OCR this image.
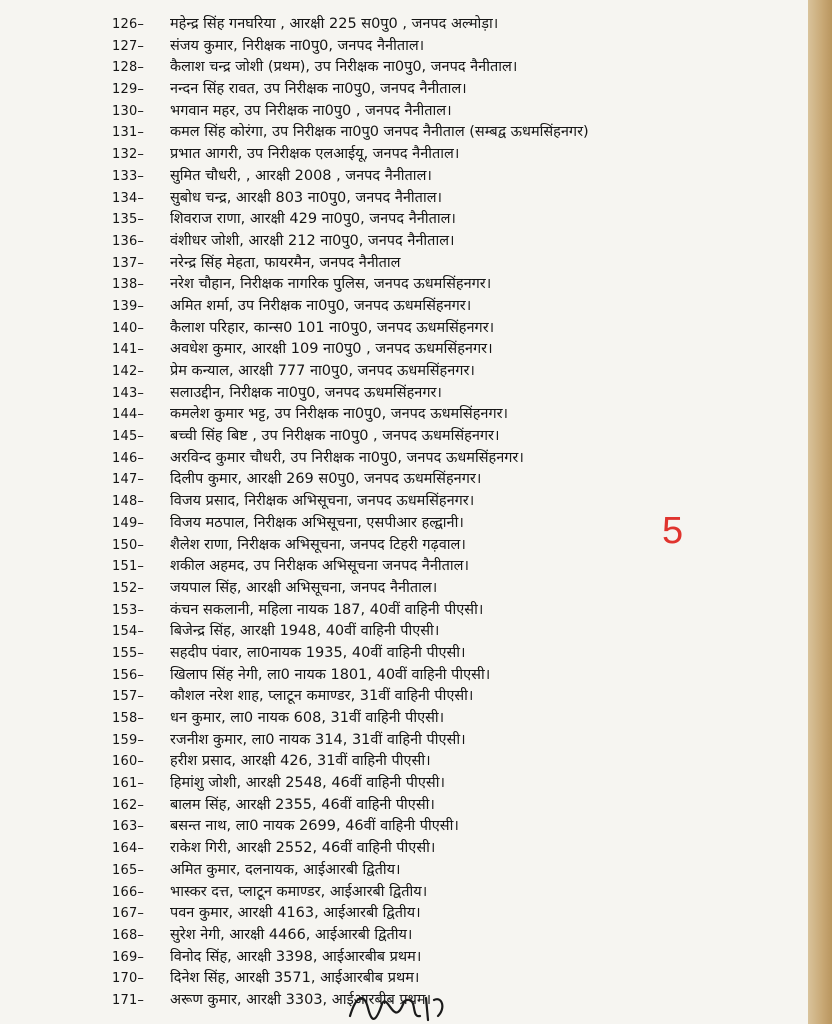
126–	महेन्द्र सिंह गनघरिया , आरक्षी 225 स0पु0 , जनपद अल्मोड़ा।
127–	संजय कुमार, निरीक्षक ना0पु0, जनपद नैनीताल।
128–	कैलाश चन्द्र जोशी (प्रथम), उप निरीक्षक ना0पु0, जनपद नैनीताल।
129–	नन्दन सिंह रावत, उप निरीक्षक ना0पु0, जनपद नैनीताल।
130–	भगवान महर, उप निरीक्षक ना0पु0 , जनपद नैनीताल।
131–	कमल सिंह कोरंगा, उप निरीक्षक ना0पु0 जनपद नैनीताल (सम्बद्व ऊधमसिंहनगर)
132–	प्रभात आगरी, उप निरीक्षक एलआईयू, जनपद नैनीताल।
133–	सुमित चौधरी, , आरक्षी 2008 , जनपद नैनीताल।
134–	सुबोध चन्द्र, आरक्षी 803 ना0पु0, जनपद नैनीताल।
135–	शिवराज राणा, आरक्षी 429 ना0पु0, जनपद नैनीताल।
136–	वंशीधर जोशी, आरक्षी 212 ना0पु0, जनपद नैनीताल।
137–	नरेन्द्र सिंह मेहता, फायरमैन, जनपद नैनीताल
138–	नरेश चौहान, निरीक्षक नागरिक पुलिस, जनपद ऊधमसिंहनगर।
139–	अमित शर्मा, उप निरीक्षक ना0पु0, जनपद ऊधमसिंहनगर।
140–	कैलाश परिहार, कान्स0 101 ना0पु0, जनपद ऊधमसिंहनगर।
141–	अवधेश कुमार, आरक्षी 109 ना0पु0 , जनपद ऊधमसिंहनगर।
142–	प्रेम कन्याल, आरक्षी 777 ना0पु0, जनपद ऊधमसिंहनगर।
143–	सलाउद्दीन, निरीक्षक ना0पु0, जनपद ऊधमसिंहनगर।
144–	कमलेश कुमार भट्ट, उप निरीक्षक ना0पु0, जनपद ऊधमसिंहनगर।
145–	बच्ची सिंह बिष्ट , उप निरीक्षक ना0पु0 , जनपद ऊधमसिंहनगर।
146–	अरविन्द कुमार चौधरी, उप निरीक्षक ना0पु0, जनपद ऊधमसिंहनगर।
147–	दिलीप कुमार, आरक्षी 269 स0पु0, जनपद ऊधमसिंहनगर।
148–	विजय प्रसाद, निरीक्षक अभिसूचना, जनपद ऊधमसिंहनगर।
149–	विजय मठपाल, निरीक्षक अभिसूचना, एसपीआर हल्द्वानी।
150–	शैलेश राणा, निरीक्षक अभिसूचना, जनपद टिहरी गढ़वाल।
151–	शकील अहमद, उप निरीक्षक अभिसूचना जनपद नैनीताल।
152–	जयपाल सिंह, आरक्षी अभिसूचना, जनपद नैनीताल।
153–	कंचन सकलानी, महिला नायक 187, 40वीं वाहिनी पीएसी।
154–	बिजेन्द्र सिंह, आरक्षी 1948, 40वीं वाहिनी पीएसी।
155–	सहदीप पंवार, ला0नायक 1935, 40वीं वाहिनी पीएसी।
156–	खिलाप सिंह नेगी, ला0 नायक 1801, 40वीं वाहिनी पीएसी।
157–	कौशल नरेश शाह, प्लाटून कमाण्डर, 31वीं वाहिनी पीएसी।
158–	धन कुमार, ला0 नायक 608, 31वीं वाहिनी पीएसी।
159–	रजनीश कुमार, ला0 नायक 314, 31वीं वाहिनी पीएसी।
160–	हरीश प्रसाद, आरक्षी 426, 31वीं वाहिनी पीएसी।
161–	हिमांशु जोशी, आरक्षी 2548, 46वीं वाहिनी पीएसी।
162–	बालम सिंह, आरक्षी 2355, 46वीं वाहिनी पीएसी।
163–	बसन्त नाथ, ला0 नायक 2699, 46वीं वाहिनी पीएसी।
164–	राकेश गिरी, आरक्षी 2552, 46वीं वाहिनी पीएसी।
165–	अमित कुमार, दलनायक, आईआरबी द्वितीय।
166–	भास्कर दत्त, प्लाटून कमाण्डर, आईआरबी द्वितीय।
167–	पवन कुमार, आरक्षी 4163, आईआरबी द्वितीय।
168–	सुरेश नेगी, आरक्षी 4466, आईआरबी द्वितीय।
169–	विनोद सिंह, आरक्षी 3398, आईआरबीब प्रथम।
170–	दिनेश सिंह, आरक्षी 3571, आईआरबीब प्रथम।
171–	अरूण कुमार, आरक्षी 3303, आईआरबीब प्रथम।
5
